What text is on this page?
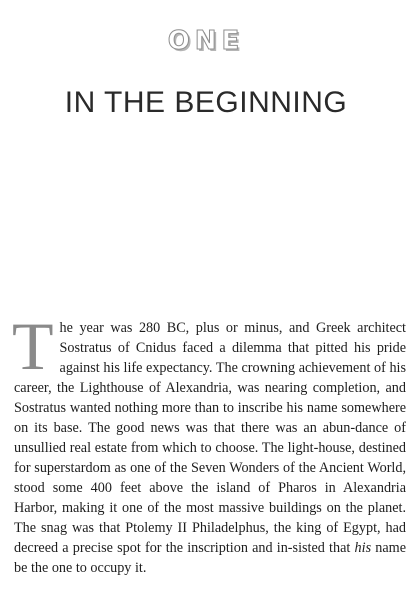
ONE
IN THE BEGINNING

T he year was 280 BC, plus or minus, and Greek architect Sostratus of Cnidus faced a dilemma that pitted his pride against his life expectancy. The crowning achievement of his career, the Lighthouse of Alexandria, was nearing completion, and Sostratus wanted nothing more than to inscribe his name somewhere on its base. The good news was that there was an abun-dance of unsullied real estate from which to choose. The light-house, destined for superstardom as one of the Seven Wonders of the Ancient World, stood some 400 feet above the island of Pharos in Alexandria Harbor, making it one of the most massive buildings on the planet. The snag was that Ptolemy II Philadelphus, the king of Egypt, had decreed a precise spot for the inscription and in-sisted that his name be the one to occupy it.
